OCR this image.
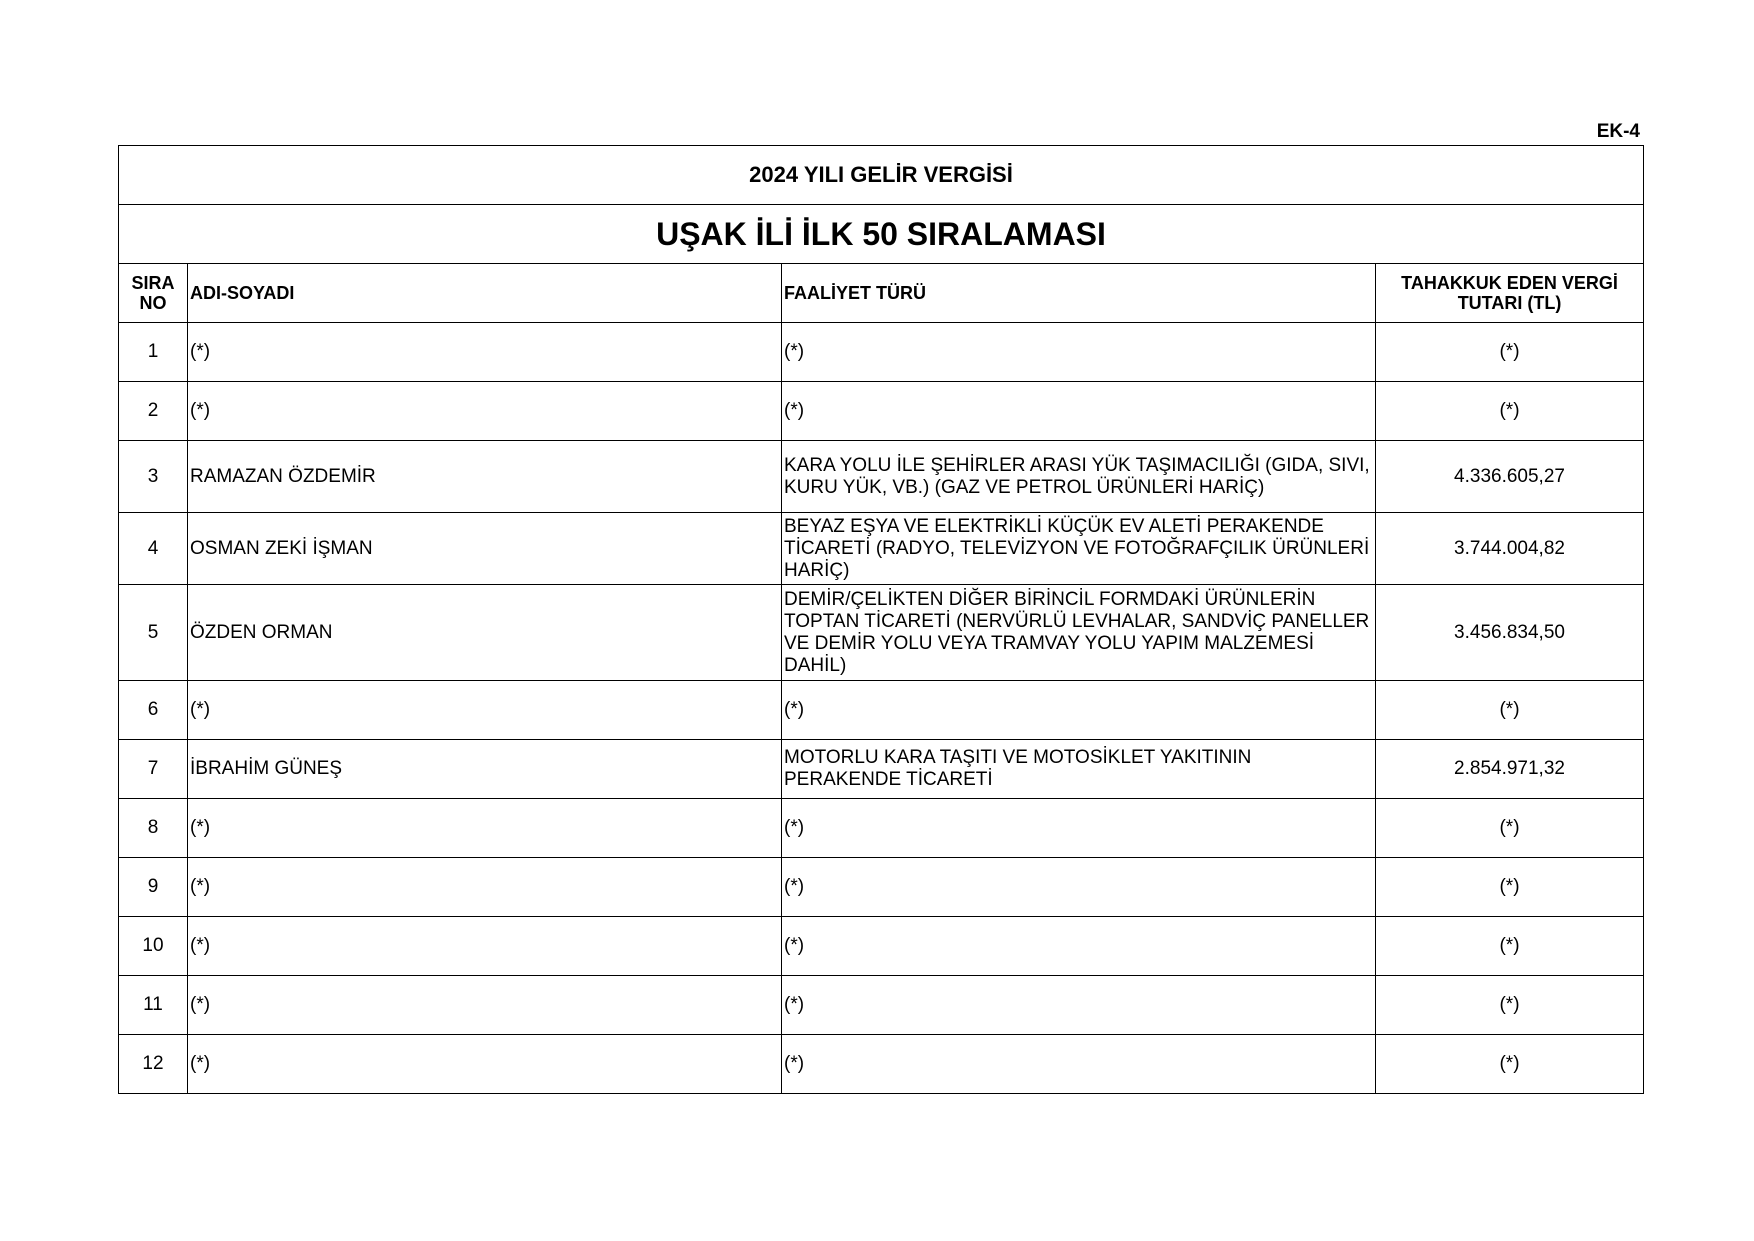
EK-4
2024 YILI GELİR VERGİSİ			
UŞAK İLİ İLK 50 SIRALAMASI			
SIRA NO	ADI-SOYADI	FAALİYET TÜRÜ	TAHAKKUK EDEN VERGİ TUTARI (TL)
1	(*)	(*)	(*)
2	(*)	(*)	(*)
3	RAMAZAN ÖZDEMİR	KARA YOLU İLE ŞEHİRLER ARASI YÜK TAŞIMACILIĞI (GIDA, SIVI, KURU YÜK, VB.) (GAZ VE PETROL ÜRÜNLERİ HARİÇ)	4.336.605,27
4	OSMAN ZEKİ İŞMAN	BEYAZ EŞYA VE ELEKTRİKLİ KÜÇÜK EV ALETİ PERAKENDE TİCARETİ (RADYO, TELEVİZYON VE FOTOĞRAFÇILIK ÜRÜNLERİ HARİÇ)	3.744.004,82
5	ÖZDEN ORMAN	DEMİR/ÇELİKTEN DİĞER BİRİNCİL FORMDAKİ ÜRÜNLERİN TOPTAN TİCARETİ (NERVÜRLÜ LEVHALAR, SANDVİÇ PANELLER VE DEMİR YOLU VEYA TRAMVAY YOLU YAPIM MALZEMESİ DAHİL)	3.456.834,50
6	(*)	(*)	(*)
7	İBRAHİM GÜNEŞ	MOTORLU KARA TAŞITI VE MOTOSİKLET YAKITININ PERAKENDE TİCARETİ	2.854.971,32
8	(*)	(*)	(*)
9	(*)	(*)	(*)
10	(*)	(*)	(*)
11	(*)	(*)	(*)
12	(*)	(*)	(*)
